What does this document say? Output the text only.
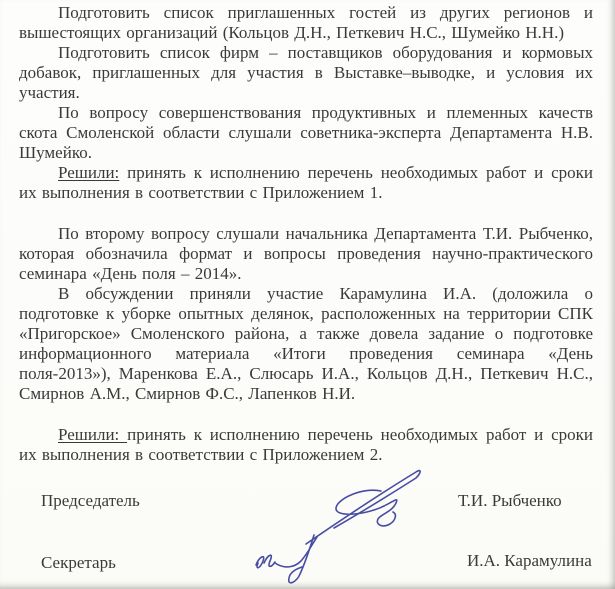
Подготовить список приглашенных гостей из других регионов и вышестоящих организаций (Кольцов Д.Н., Петкевич Н.С., Шумейко Н.Н.)

Подготовить список фирм – поставщиков оборудования и кормовых добавок, приглашенных для участия в Выставке–выводке, и условия их участия.

По вопросу совершенствования продуктивных и племенных качеств скота Смоленской области слушали советника-эксперта Департамента Н.В. Шумейко.

Решили: принять к исполнению перечень необходимых работ и сроки их выполнения в соответствии с Приложением 1.

По второму вопросу слушали начальника Департамента Т.И. Рыбченко, которая обозначила формат и вопросы проведения научно-практического семинара «День поля – 2014».

В обсуждении приняли участие Карамулина И.А. (доложила о подготовке к уборке опытных делянок, расположенных на территории СПК «Пригорское» Смоленского района, а также довела задание о подготовке информационного материала «Итоги проведения семинара «День поля-2013»), Маренкова Е.А., Слюсарь И.А., Кольцов Д.Н., Петкевич Н.С., Смирнов А.М., Смирнов Ф.С., Лапенков Н.И.

Решили: принять к исполнению перечень необходимых работ и сроки их выполнения в соответствии с Приложением 2.

Председатель	Т.И. Рыбченко
Секретарь	И.А. Карамулина
